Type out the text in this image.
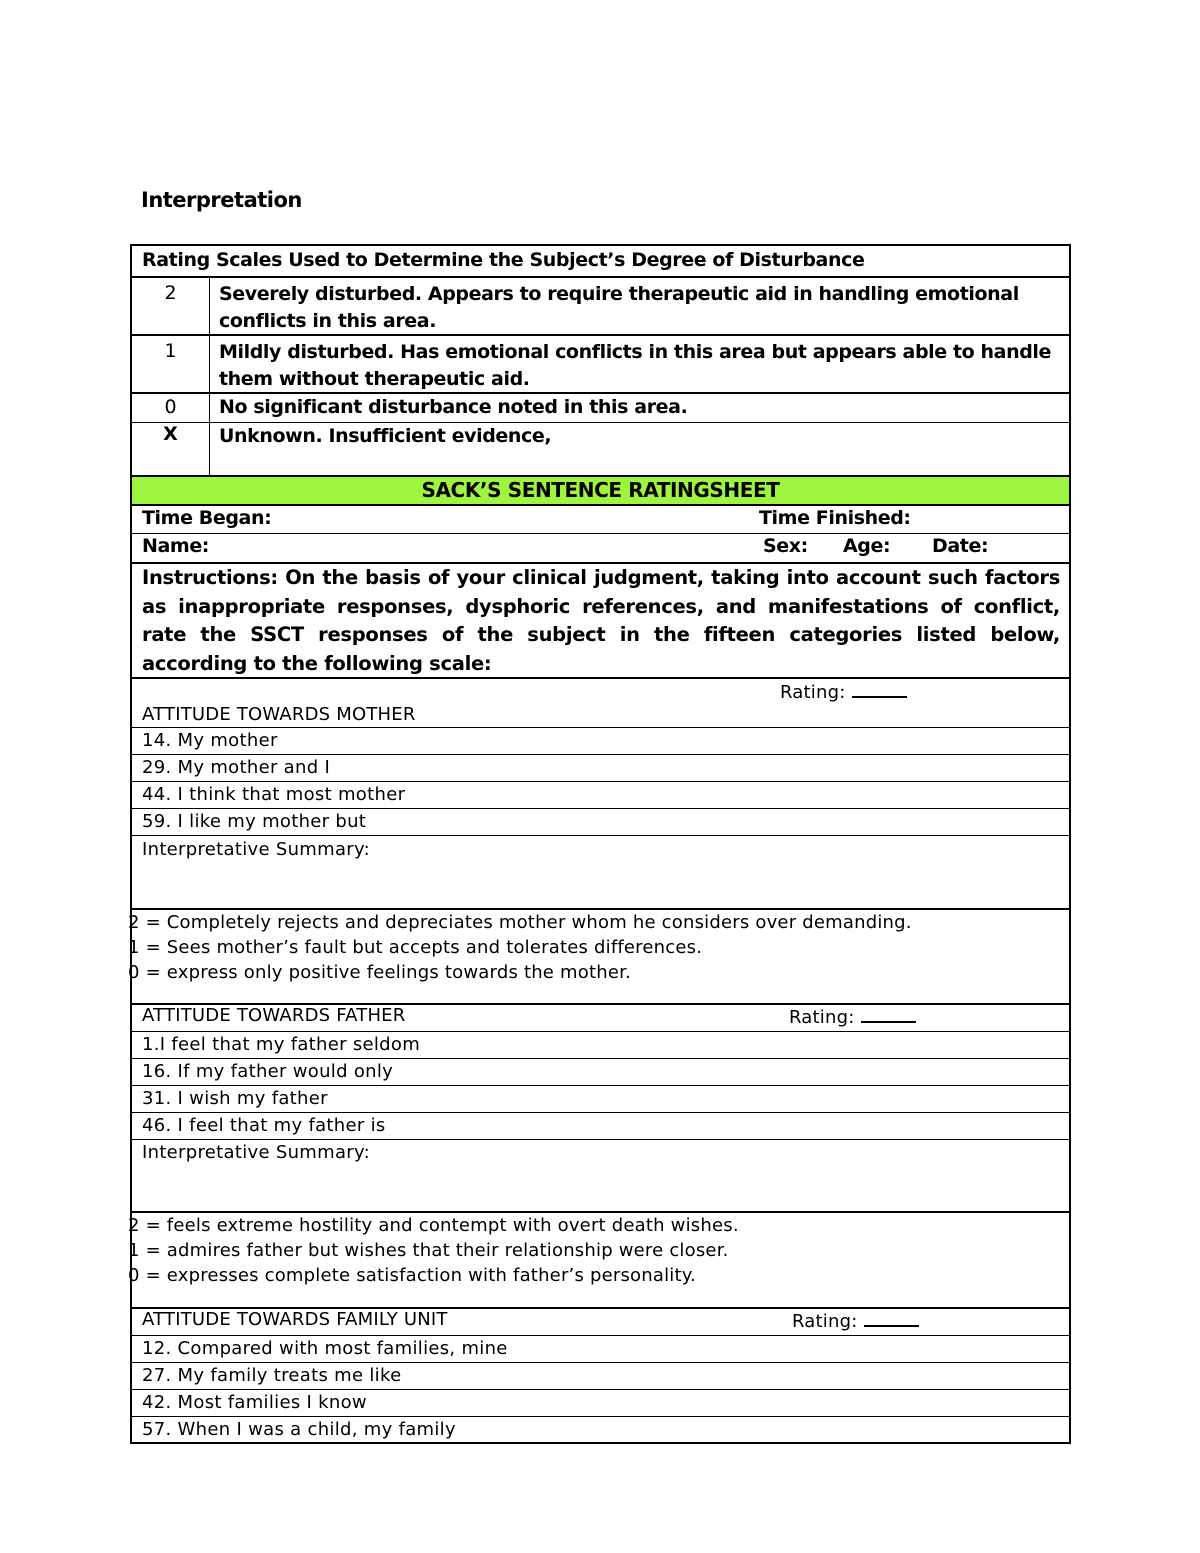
Interpretation
Rating Scales Used to Determine the Subject’s Degree of Disturbance
2	Severely disturbed. Appears to require therapeutic aid in handling emotional conflicts in this area.
1	Mildly disturbed. Has emotional conflicts in this area but appears able to handle them without therapeutic aid.
0	No significant disturbance noted in this area.
X	Unknown. Insufficient evidence,
SACK’S SENTENCE RATINGSHEET
Time Began:	Time Finished:
Name:	Sex: Age: Date:
Instructions: On the basis of your clinical judgment, taking into account such factors as inappropriate responses, dysphoric references, and manifestations of conflict, rate the SSCT responses of the subject in the fifteen categories listed below, according to the following scale:
Rating:
ATTITUDE TOWARDS MOTHER
14. My mother
29. My mother and I
44. I think that most mother
59. I like my mother but
Interpretative Summary:
2 = Completely rejects and depreciates mother whom he considers over demanding.
1 = Sees mother’s fault but accepts and tolerates differences.
0 = express only positive feelings towards the mother.
ATTITUDE TOWARDS FATHER	Rating:
1.I feel that my father seldom
16. If my father would only
31. I wish my father
46. I feel that my father is
Interpretative Summary:
2 = feels extreme hostility and contempt with overt death wishes.
1 = admires father but wishes that their relationship were closer.
0 = expresses complete satisfaction with father’s personality.
ATTITUDE TOWARDS FAMILY UNIT	Rating:
12. Compared with most families, mine
27. My family treats me like
42. Most families I know
57. When I was a child, my family
